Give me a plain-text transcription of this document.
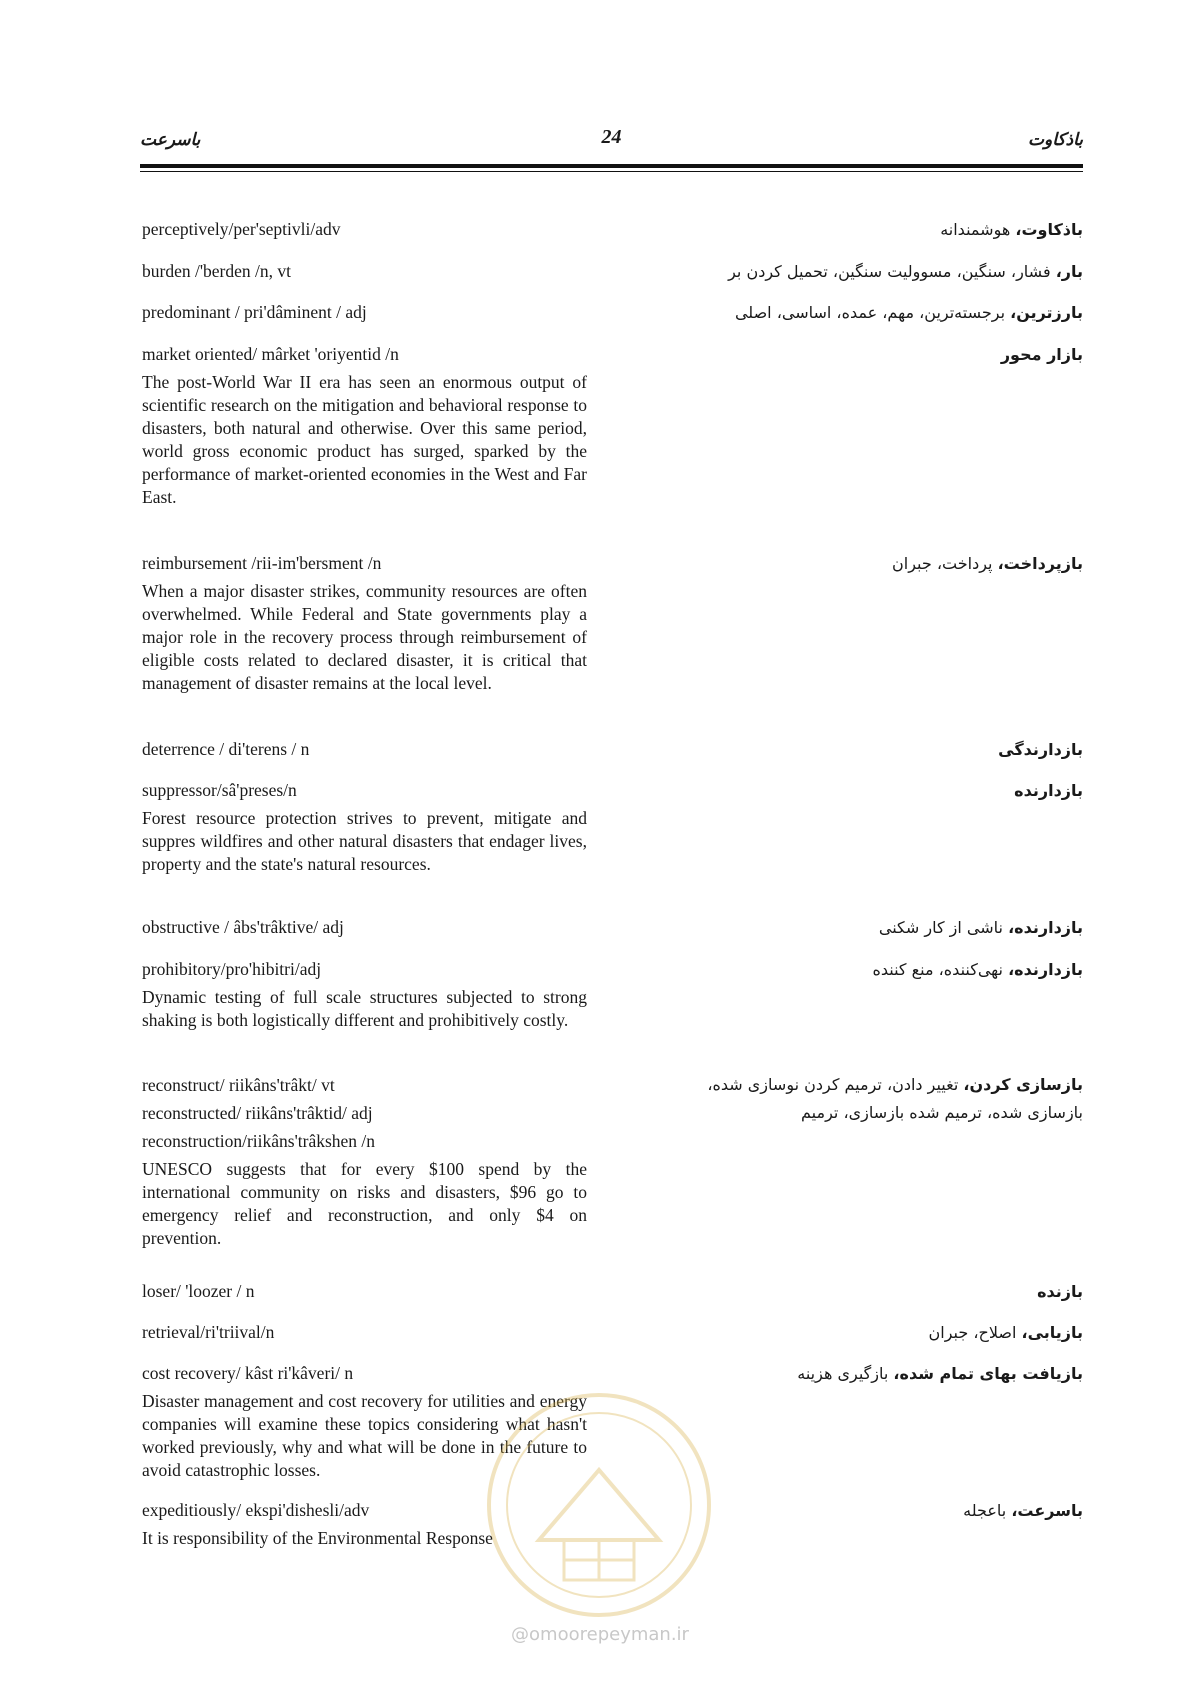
باسرعت	24	باذکاوت
باذکاوت، هوشمندانه
perceptively/per'septivli/adv
بار، فشار، سنگین، مسوولیت سنگین، تحمیل کردن بر
burden /'berden /n, vt
بارزترین، برجسته‌ترین، مهم، عمده، اساسی، اصلی
predominant / pri'dâminent / adj
بازار محور
market oriented/ mârket 'oriyentid /n
The post-World War II era has seen an enormous output of scientific research on the mitigation and behavioral response to disasters, both natural and otherwise. Over this same period, world gross economic product has surged, sparked by the performance of market-oriented economies in the West and Far East.
بازپرداخت، پرداخت، جبران
reimbursement /rii-im'bersment /n
When a major disaster strikes, community resources are often overwhelmed. While Federal and State governments play a major role in the recovery process through reimbursement of eligible costs related to declared disaster, it is critical that management of disaster remains at the local level.
بازدارندگی
deterrence / di'terens / n
بازدارنده
suppressor/sâ'preses/n
Forest resource protection strives to prevent, mitigate and suppres wildfires and other natural disasters that endager lives, property and the state's natural resources.
بازدارنده، ناشی از کار شکنی
obstructive / âbs'trâktive/ adj
بازدارنده، نهی‌کننده، منع کننده
prohibitory/pro'hibitri/adj
Dynamic testing of full scale structures subjected to strong shaking is both logistically different and prohibitively costly.
بازسازی کردن، تغییر دادن، ترمیم کردن نوسازی شده،
بازسازی شده، ترمیم شده بازسازی، ترمیم
reconstruct/ riikâns'trâkt/ vt
reconstructed/ riikâns'trâktid/ adj
reconstruction/riikâns'trâkshen /n
UNESCO suggests that for every $100 spend by the international community on risks and disasters, $96 go to emergency relief and reconstruction, and only $4 on prevention.
بازنده
loser/ 'loozer / n
بازیابی، اصلاح، جبران
retrieval/ri'triival/n
بازیافت بهای تمام شده، بازگیری هزینه
cost recovery/ kâst ri'kâveri/ n
Disaster management and cost recovery for utilities and energy companies will examine these topics considering what hasn't worked previously, why and what will be done in the future to avoid catastrophic losses.
باسرعت، باعجله
expeditiously/ ekspi'dishesli/adv
It is responsibility of the Environmental Response
@omoorepeyman.ir
